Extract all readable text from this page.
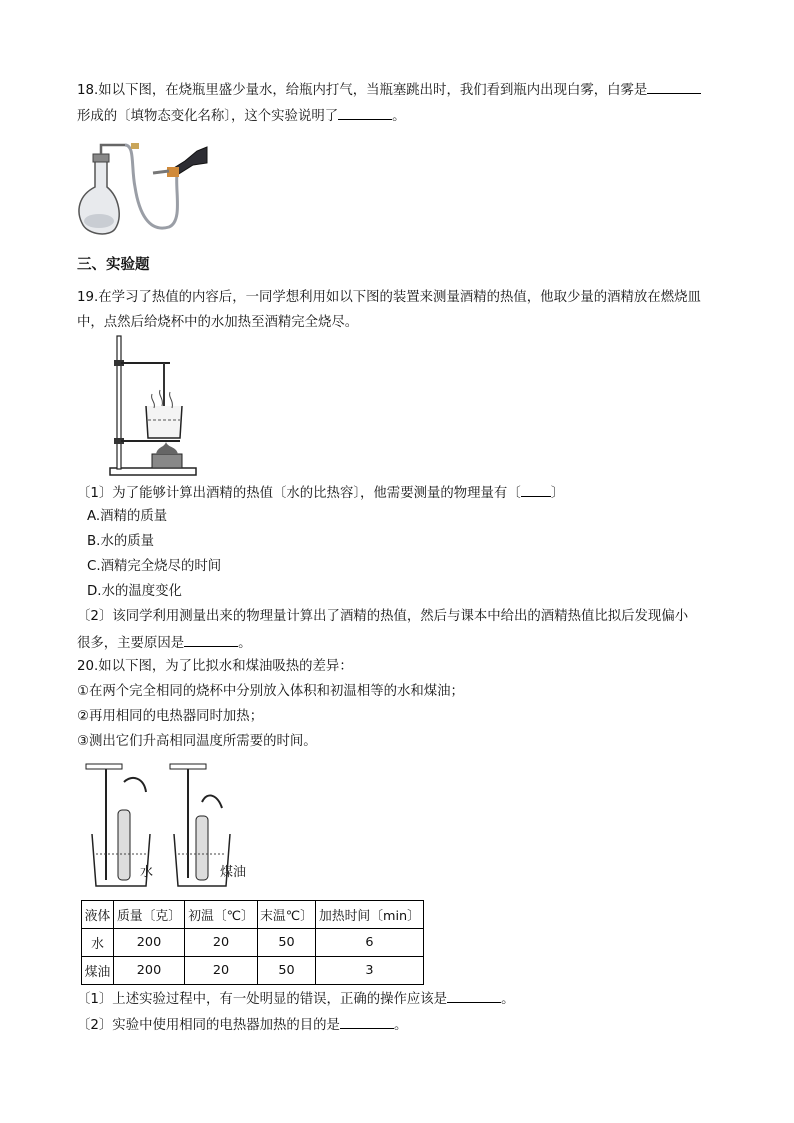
18.如以下图，在烧瓶里盛少量水，给瓶内打气，当瓶塞跳出时，我们看到瓶内出现白雾，白雾是
形成的〔填物态变化名称〕，这个实验说明了	。
三、实验题
19.在学习了热值的内容后，一同学想利用如以下图的装置来测量酒精的热值，他取少量的酒精放在燃烧皿
中，点然后给烧杯中的水加热至酒精完全烧尽。
〔1〕为了能够计算出酒精的热值〔水的比热容〕，他需要测量的物理量有〔 〕
A.酒精的质量
B.水的质量
C.酒精完全烧尽的时间
D.水的温度变化
〔2〕该同学利用测量出来的物理量计算出了酒精的热值，然后与课本中给出的酒精热值比拟后发现偏小
很多，主要原因是	。
20.如以下图，为了比拟水和煤油吸热的差异：
①在两个完全相同的烧杯中分别放入体积和初温相等的水和煤油；
②再用相同的电热器同时加热；
③测出它们升高相同温度所需要的时间。
水	煤油
液体	质量〔克〕	初温〔℃〕	末温℃〕	加热时间〔min〕
水	200	20	50	6
煤油	200	20	50	3
〔1〕上述实验过程中，有一处明显的错误，正确的操作应该是	。
〔2〕实验中使用相同的电热器加热的目的是	。
